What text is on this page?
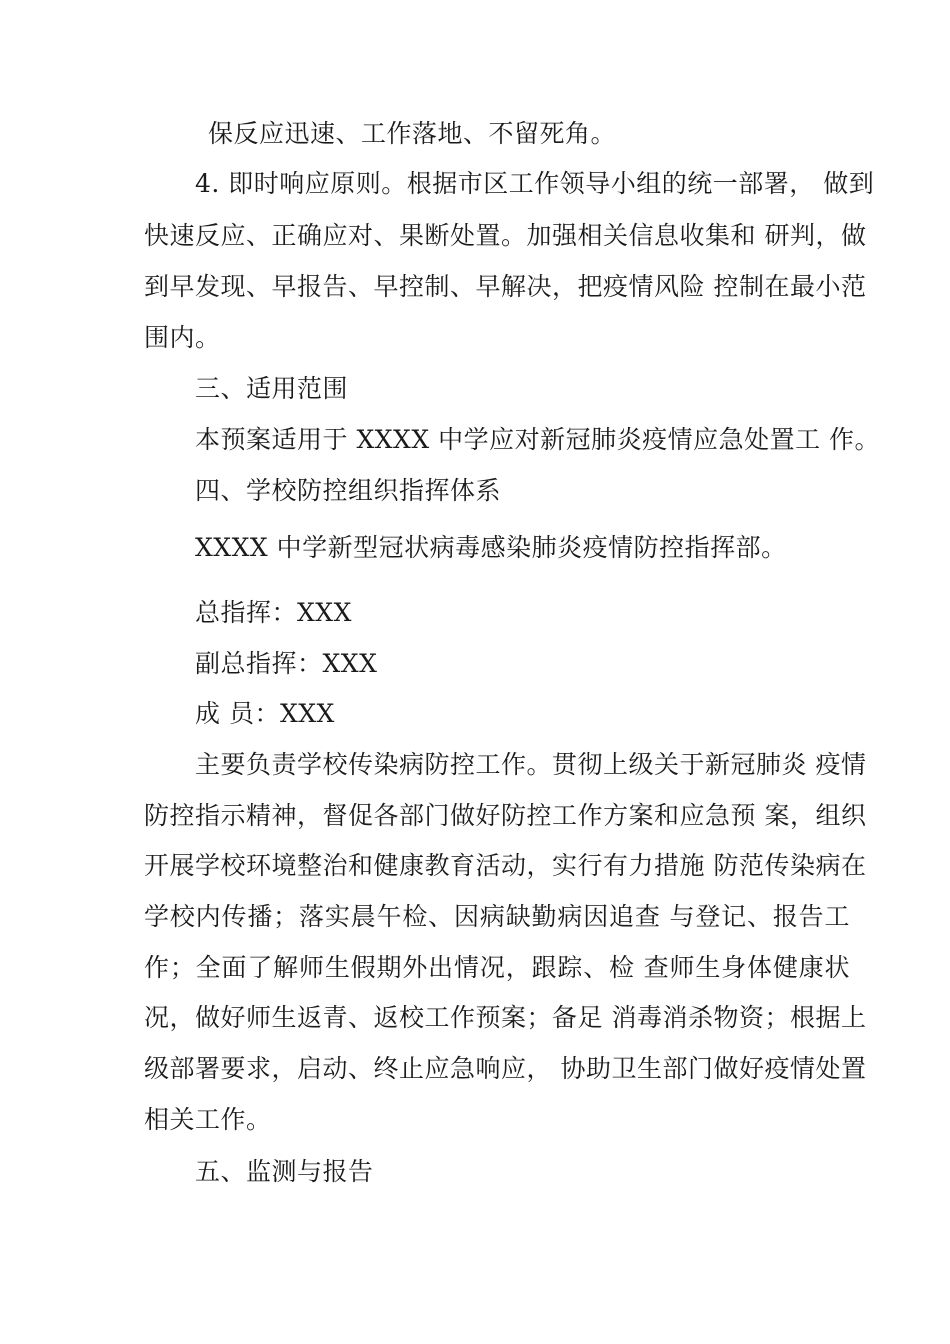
保反应迅速、工作落地、不留死角。
4. 即时响应原则。根据市区工作领导小组的统一部署， 做到
快速反应、正确应对、果断处置。加强相关信息收集和 研判，做
到早发现、早报告、早控制、早解决，把疫情风险 控制在最小范
围内。
三、适用范围
本预案适用于 XXXX 中学应对新冠肺炎疫情应急处置工 作。
四、学校防控组织指挥体系
XXXX 中学新型冠状病毒感染肺炎疫情防控指挥部。
总指挥：XXX
副总指挥：XXX
成 员：XXX
主要负责学校传染病防控工作。贯彻上级关于新冠肺炎 疫情
防控指示精神，督促各部门做好防控工作方案和应急预 案，组织
开展学校环境整治和健康教育活动，实行有力措施 防范传染病在
学校内传播；落实晨午检、因病缺勤病因追查 与登记、报告工
作；全面了解师生假期外出情况，跟踪、检 查师生身体健康状
况，做好师生返青、返校工作预案；备足 消毒消杀物资；根据上
级部署要求，启动、终止应急响应， 协助卫生部门做好疫情处置
相关工作。
五、监测与报告
